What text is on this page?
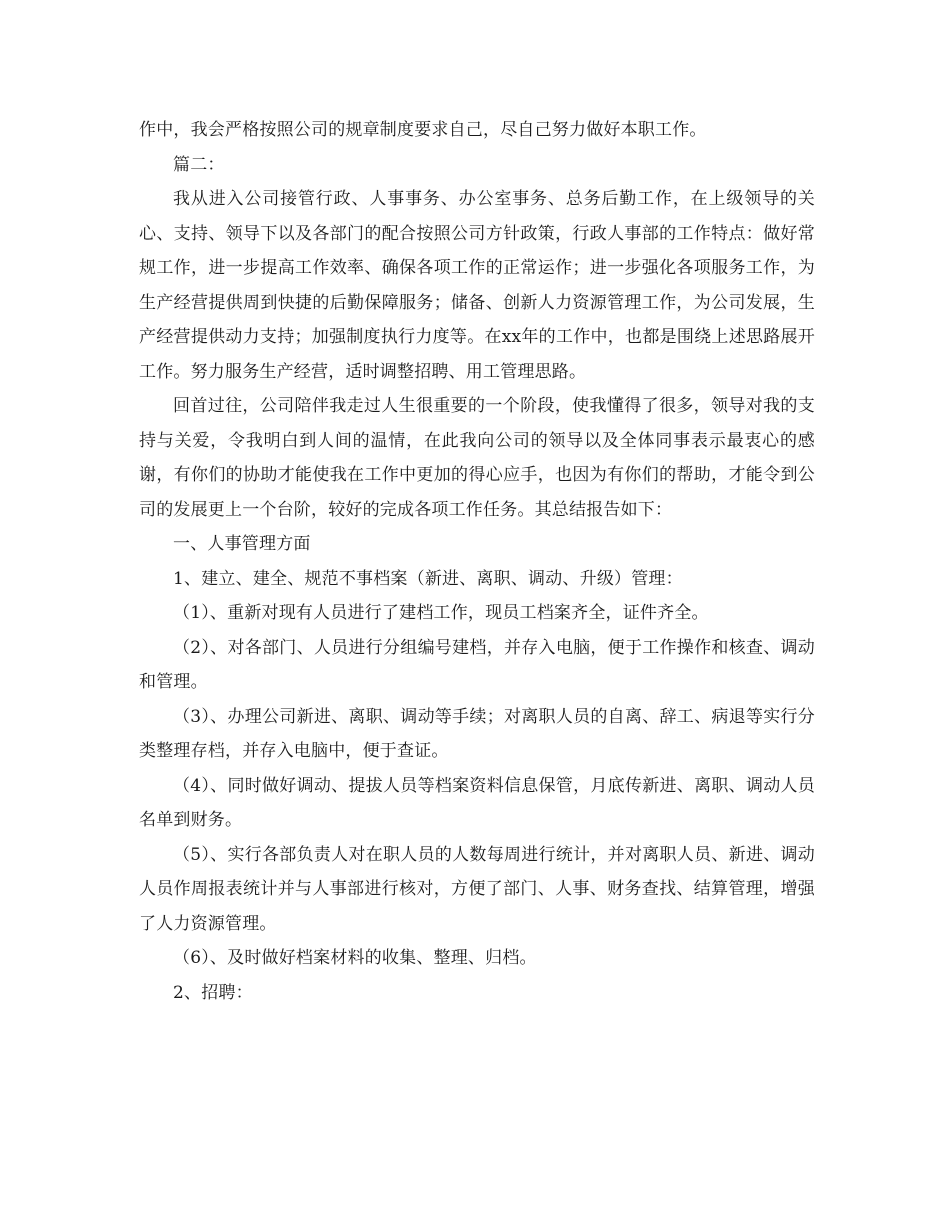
作中，我会严格按照公司的规章制度要求自己，尽自己努力做好本职工作。

篇二：

我从进入公司接管行政、人事事务、办公室事务、总务后勤工作，在上级领导的关心、支持、领导下以及各部门的配合按照公司方针政策，行政人事部的工作特点：做好常规工作，进一步提高工作效率、确保各项工作的正常运作；进一步强化各项服务工作，为生产经营提供周到快捷的后勤保障服务；储备、创新人力资源管理工作，为公司发展，生产经营提供动力支持；加强制度执行力度等。在xx年的工作中，也都是围绕上述思路展开工作。努力服务生产经营，适时调整招聘、用工管理思路。

回首过往，公司陪伴我走过人生很重要的一个阶段，使我懂得了很多，领导对我的支持与关爱，令我明白到人间的温情，在此我向公司的领导以及全体同事表示最衷心的感谢，有你们的协助才能使我在工作中更加的得心应手，也因为有你们的帮助，才能令到公司的发展更上一个台阶，较好的完成各项工作任务。其总结报告如下：

一、人事管理方面

1、建立、建全、规范不事档案（新进、离职、调动、升级）管理：

（1）、重新对现有人员进行了建档工作，现员工档案齐全，证件齐全。

（2）、对各部门、人员进行分组编号建档，并存入电脑，便于工作操作和核查、调动和管理。

（3）、办理公司新进、离职、调动等手续；对离职人员的自离、辞工、病退等实行分类整理存档，并存入电脑中，便于查证。

（4）、同时做好调动、提拔人员等档案资料信息保管，月底传新进、离职、调动人员名单到财务。

（5）、实行各部负责人对在职人员的人数每周进行统计，并对离职人员、新进、调动人员作周报表统计并与人事部进行核对，方便了部门、人事、财务查找、结算管理，增强了人力资源管理。

（6）、及时做好档案材料的收集、整理、归档。

2、招聘：
